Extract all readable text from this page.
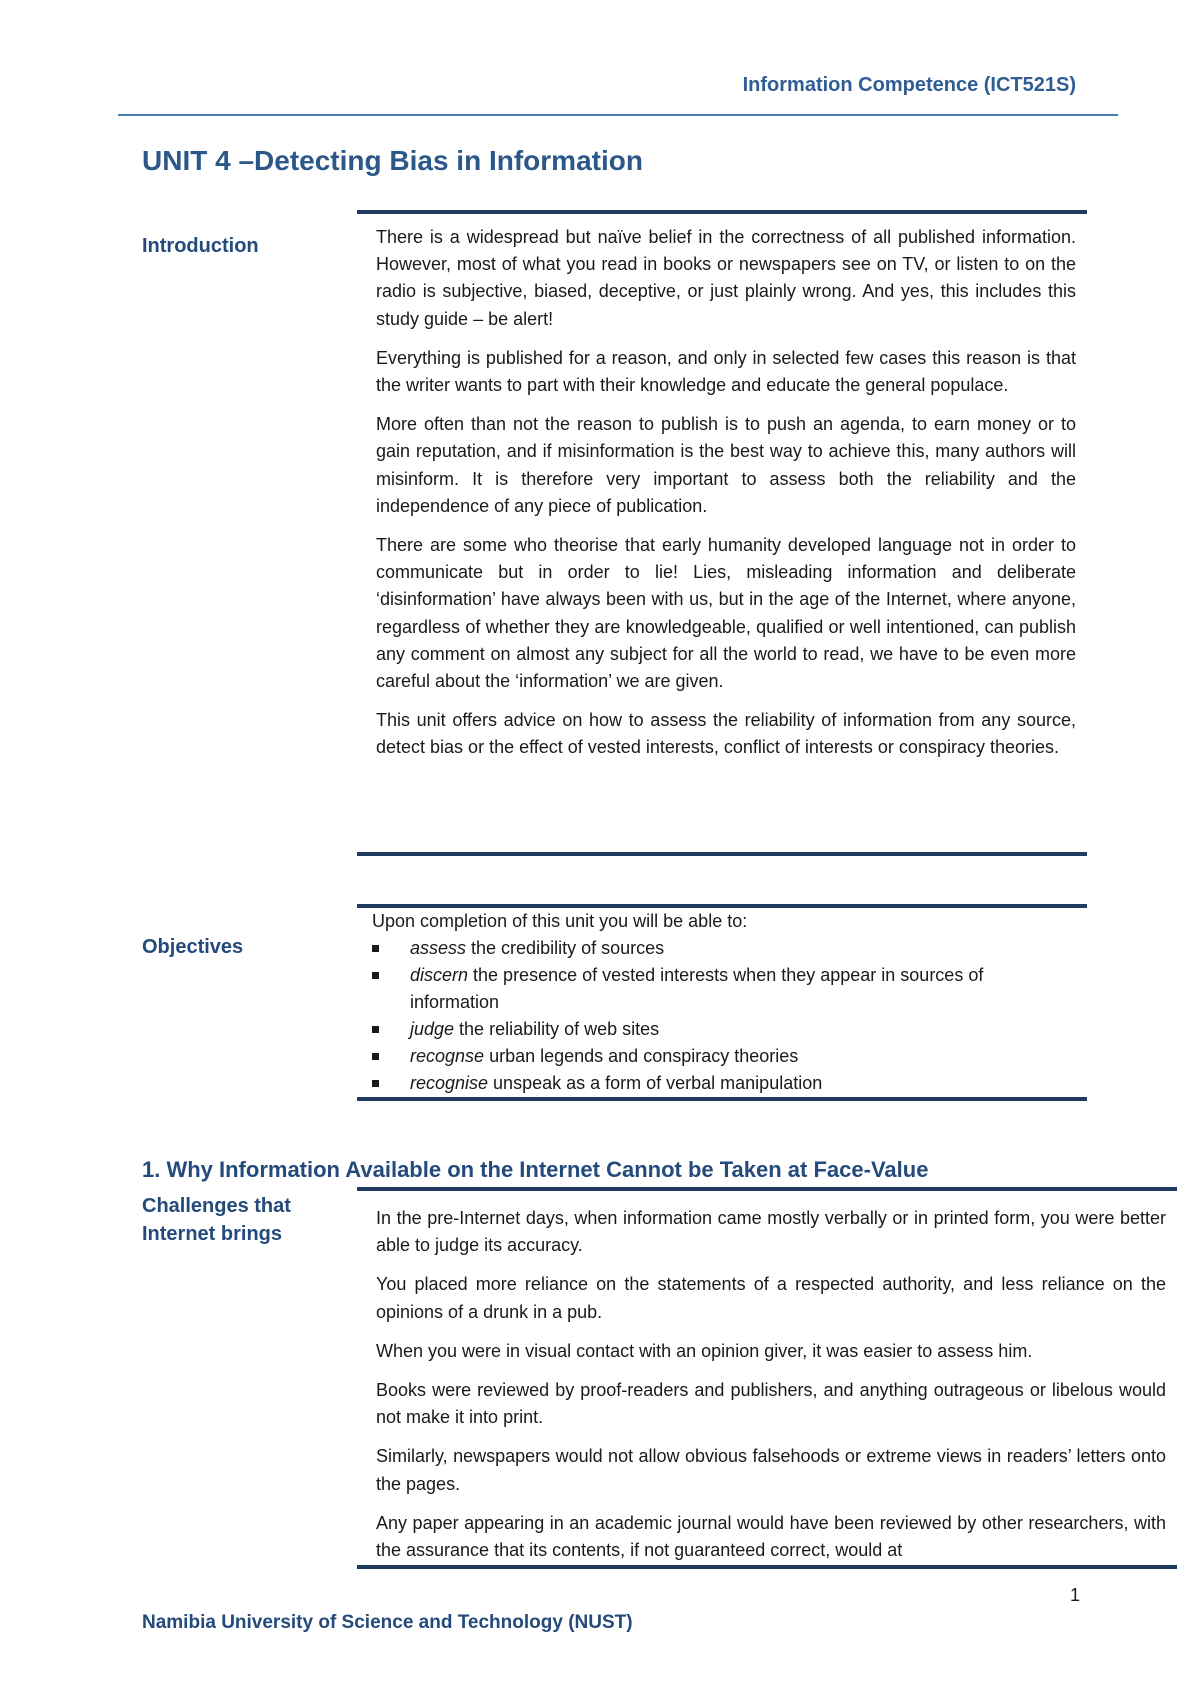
Information Competence (ICT521S)
UNIT 4 –Detecting Bias in Information
Introduction	There is a widespread but naïve belief in the correctness of all published information. However, most of what you read in books or newspapers see on TV, or listen to on the radio is subjective, biased, deceptive, or just plainly wrong. And yes, this includes this study guide – be alert!

Everything is published for a reason, and only in selected few cases this reason is that the writer wants to part with their knowledge and educate the general populace.

More often than not the reason to publish is to push an agenda, to earn money or to gain reputation, and if misinformation is the best way to achieve this, many authors will misinform. It is therefore very important to assess both the reliability and the independence of any piece of publication.

There are some who theorise that early humanity developed language not in order to communicate but in order to lie! Lies, misleading information and deliberate ‘disinformation’ have always been with us, but in the age of the Internet, where anyone, regardless of whether they are knowledgeable, qualified or well intentioned, can publish any comment on almost any subject for all the world to read, we have to be even more careful about the ‘information’ we are given.

This unit offers advice on how to assess the reliability of information from any source, detect bias or the effect of vested interests, conflict of interests or conspiracy theories.

Objectives

Upon completion of this unit you will be able to:

assess the credibility of sources
discern the presence of vested interests when they appear in sources of information
judge the reliability of web sites
recognse urban legends and conspiracy theories
recognise unspeak as a form of verbal manipulation
1. Why Information Available on the Internet Cannot be Taken at Face-Value
Challenges that
Internet brings

In the pre-Internet days, when information came mostly verbally or in printed form, you were better able to judge its accuracy.

You placed more reliance on the statements of a respected authority, and less reliance on the opinions of a drunk in a pub.

When you were in visual contact with an opinion giver, it was easier to assess him.

Books were reviewed by proof-readers and publishers, and anything outrageous or libelous would not make it into print.

Similarly, newspapers would not allow obvious falsehoods or extreme views in readers’ letters onto the pages.

Any paper appearing in an academic journal would have been reviewed by other researchers, with the assurance that its contents, if not guaranteed correct, would at

1
Namibia University of Science and Technology (NUST)
